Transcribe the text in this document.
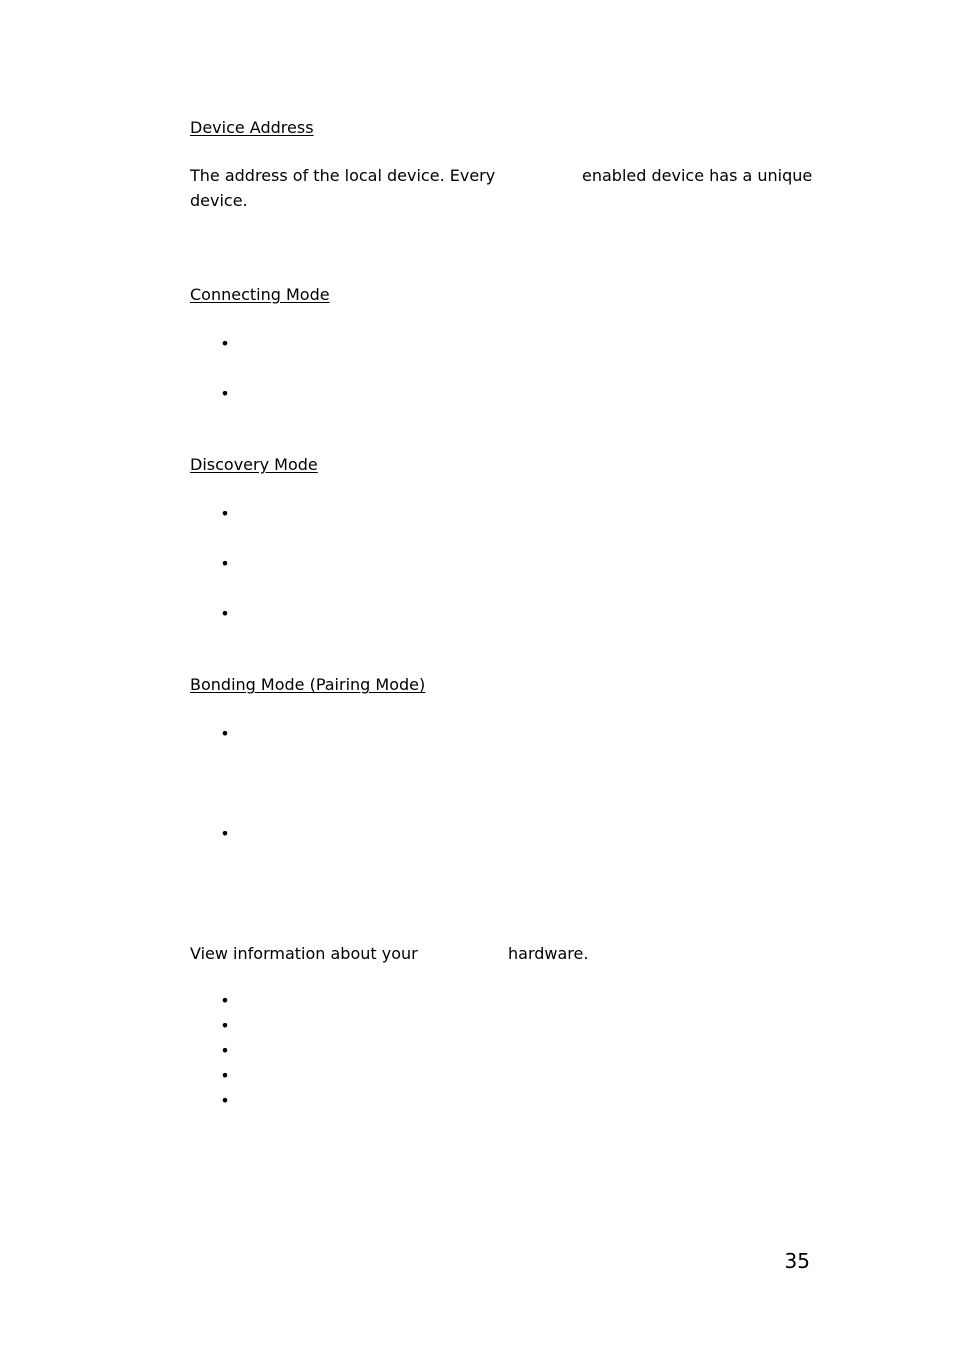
Device Address
The address of the local device. Every	enabled device has a unique
device.
Connecting Mode
•
•
Discovery Mode
•
•
•
Bonding Mode (Pairing Mode)
•
•
View information about your	hardware.
•
•
•
•
•
35
